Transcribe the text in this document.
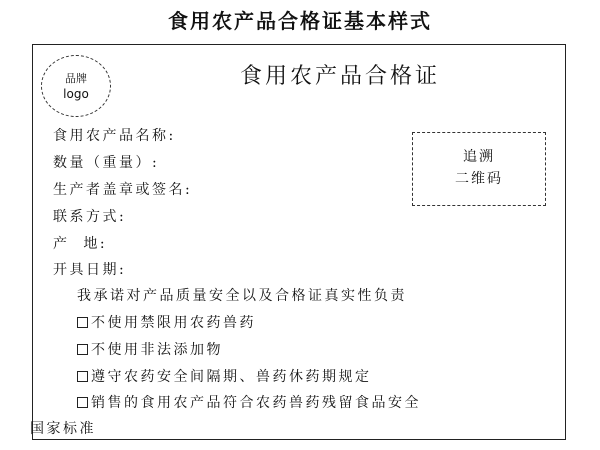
食用农产品合格证基本样式
品牌
logo
食用农产品合格证
追溯
二维码
食用农产品名称:
数量（重量）:
生产者盖章或签名:
联系方式:
产  地:
开具日期:
我承诺对产品质量安全以及合格证真实性负责
不使用禁限用农药兽药
不使用非法添加物
遵守农药安全间隔期、兽药休药期规定
销售的食用农产品符合农药兽药残留食品安全
国家标准
